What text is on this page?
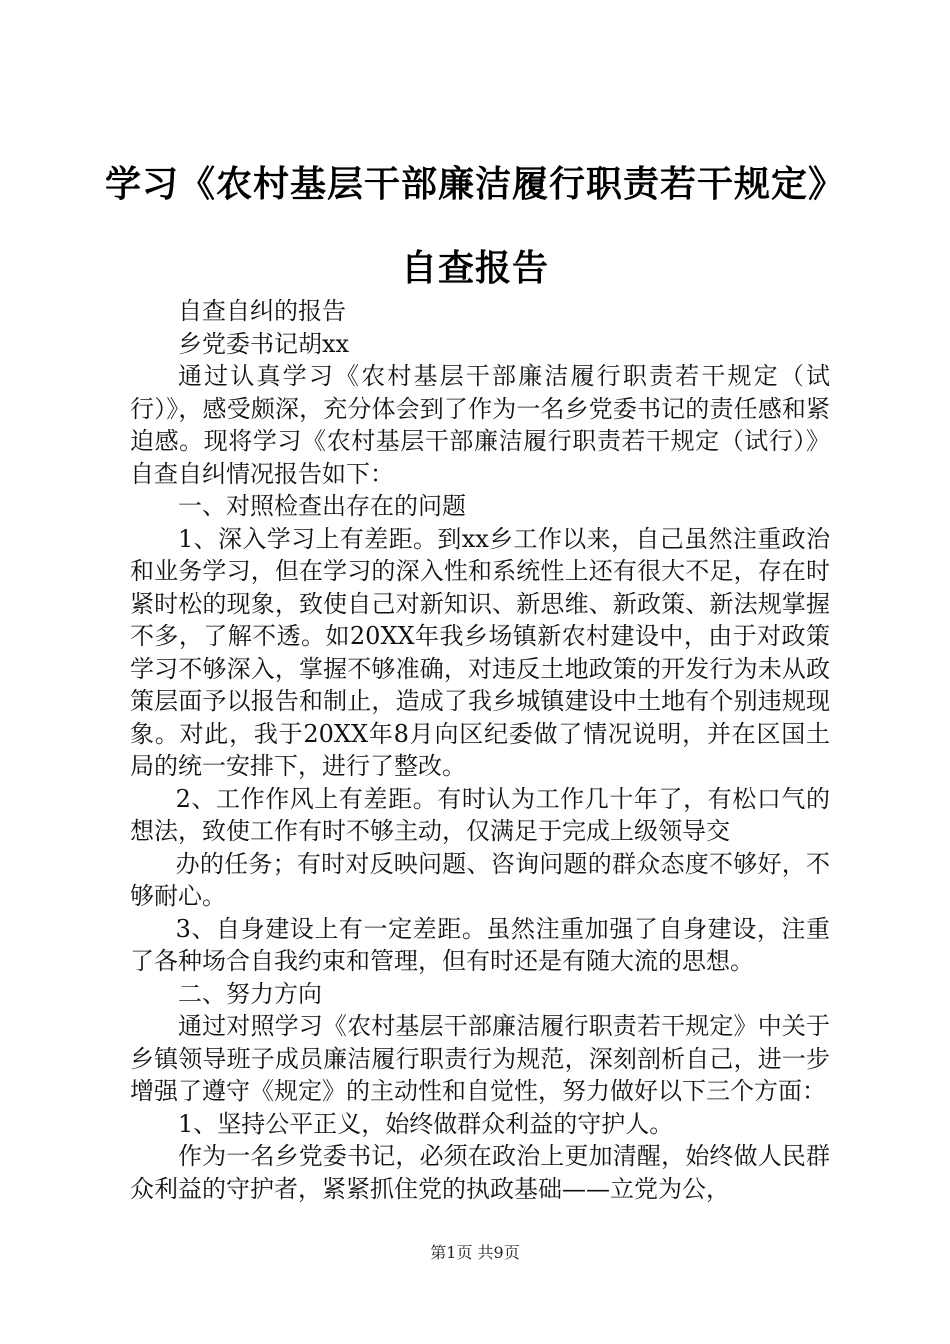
学习《农村基层干部廉洁履行职责若干规定》
自查报告

自查自纠的报告

乡党委书记胡xx

通过认真学习《农村基层干部廉洁履行职责若干规定（试行）》，感受颇深，充分体会到了作为一名乡党委书记的责任感和紧迫感。现将学习《农村基层干部廉洁履行职责若干规定（试行）》自查自纠情况报告如下：

一、对照检查出存在的问题

1、深入学习上有差距。到xx乡工作以来，自己虽然注重政治和业务学习，但在学习的深入性和系统性上还有很大不足，存在时紧时松的现象，致使自己对新知识、新思维、新政策、新法规掌握不多，了解不透。如20XX年我乡场镇新农村建设中，由于对政策学习不够深入，掌握不够准确，对违反土地政策的开发行为未从政策层面予以报告和制止，造成了我乡城镇建设中土地有个别违规现象。对此，我于20XX年8月向区纪委做了情况说明，并在区国土局的统一安排下，进行了整改。

2、工作作风上有差距。有时认为工作几十年了，有松口气的想法，致使工作有时不够主动，仅满足于完成上级领导交

办的任务；有时对反映问题、咨询问题的群众态度不够好，不够耐心。

3、自身建设上有一定差距。虽然注重加强了自身建设，注重了各种场合自我约束和管理，但有时还是有随大流的思想。

二、努力方向

通过对照学习《农村基层干部廉洁履行职责若干规定》中关于乡镇领导班子成员廉洁履行职责行为规范，深刻剖析自己，进一步增强了遵守《规定》的主动性和自觉性，努力做好以下三个方面：

1、坚持公平正义，始终做群众利益的守护人。

作为一名乡党委书记，必须在政治上更加清醒，始终做人民群众利益的守护者，紧紧抓住党的执政基础——立党为公，

第1页 共9页
